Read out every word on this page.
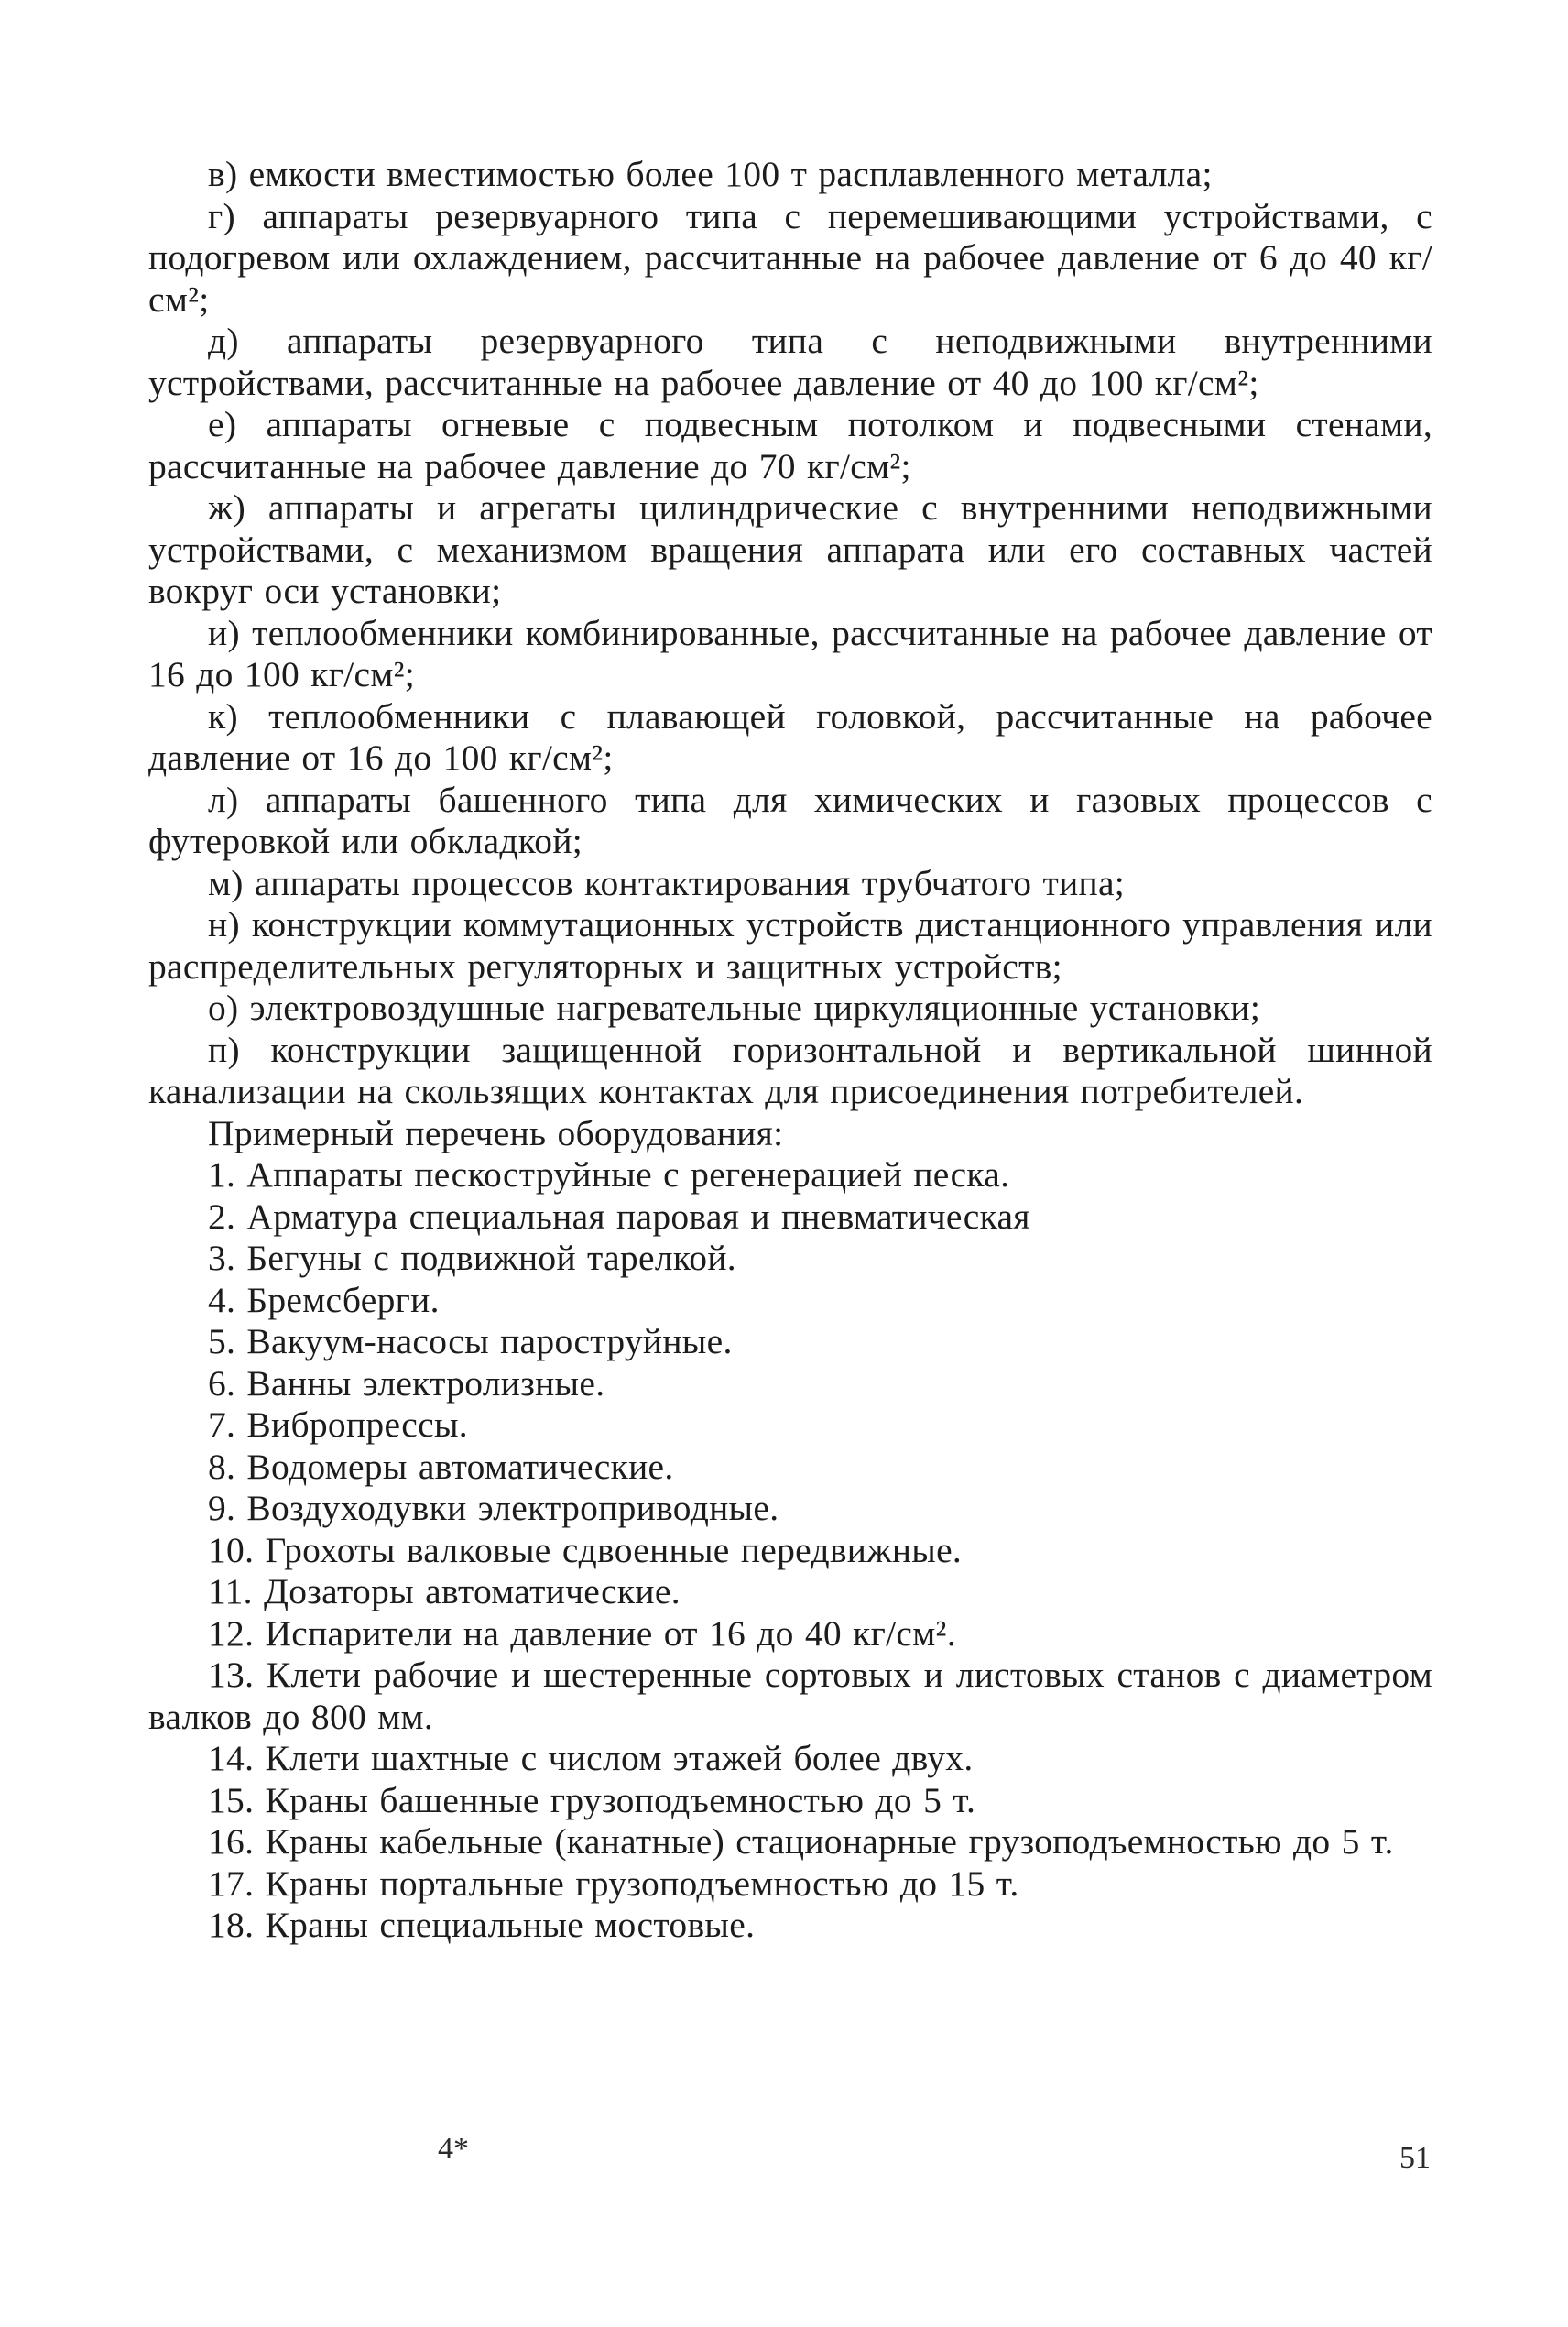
в) емкости вместимостью более 100 т расплавленного металла;

г) аппараты резервуарного типа с перемешивающими устройствами, с подогревом или охлаждением, рассчитанные на рабочее давление от 6 до 40 кг/см²;

д) аппараты резервуарного типа с неподвижными внутренними устройствами, рассчитанные на рабочее давление от 40 до 100 кг/см²;

е) аппараты огневые с подвесным потолком и подвесными стенами, рассчитанные на рабочее давление до 70 кг/см²;

ж) аппараты и агрегаты цилиндрические с внутренними неподвижными устройствами, с механизмом вращения аппарата или его составных частей вокруг оси установки;

и) теплообменники комбинированные, рассчитанные на рабочее давление от 16 до 100 кг/см²;

к) теплообменники с плавающей головкой, рассчитанные на рабочее давление от 16 до 100 кг/см²;

л) аппараты башенного типа для химических и газовых процессов с футеровкой или обкладкой;

м) аппараты процессов контактирования трубчатого типа;

н) конструкции коммутационных устройств дистанционного управления или распределительных регуляторных и защитных устройств;

о) электровоздушные нагревательные циркуляционные установки;

п) конструкции защищенной горизонтальной и вертикальной шинной канализации на скользящих контактах для присоединения потребителей.

Примерный перечень оборудования:

1. Аппараты пескоструйные с регенерацией песка.

2. Арматура специальная паровая и пневматическая

3. Бегуны с подвижной тарелкой.

4. Бремсберги.

5. Вакуум-насосы пароструйные.

6. Ванны электролизные.

7. Вибропрессы.

8. Водомеры автоматические.

9. Воздуходувки электроприводные.

10. Грохоты валковые сдвоенные передвижные.

11. Дозаторы автоматические.

12. Испарители на давление от 16 до 40 кг/см².

13. Клети рабочие и шестеренные сортовых и листовых станов с диаметром валков до 800 мм.

14. Клети шахтные с числом этажей более двух.

15. Краны башенные грузоподъемностью до 5 т.

16. Краны кабельные (канатные) стационарные грузоподъемностью до 5 т.

17. Краны портальные грузоподъемностью до 15 т.

18. Краны специальные мостовые.

4*	51
